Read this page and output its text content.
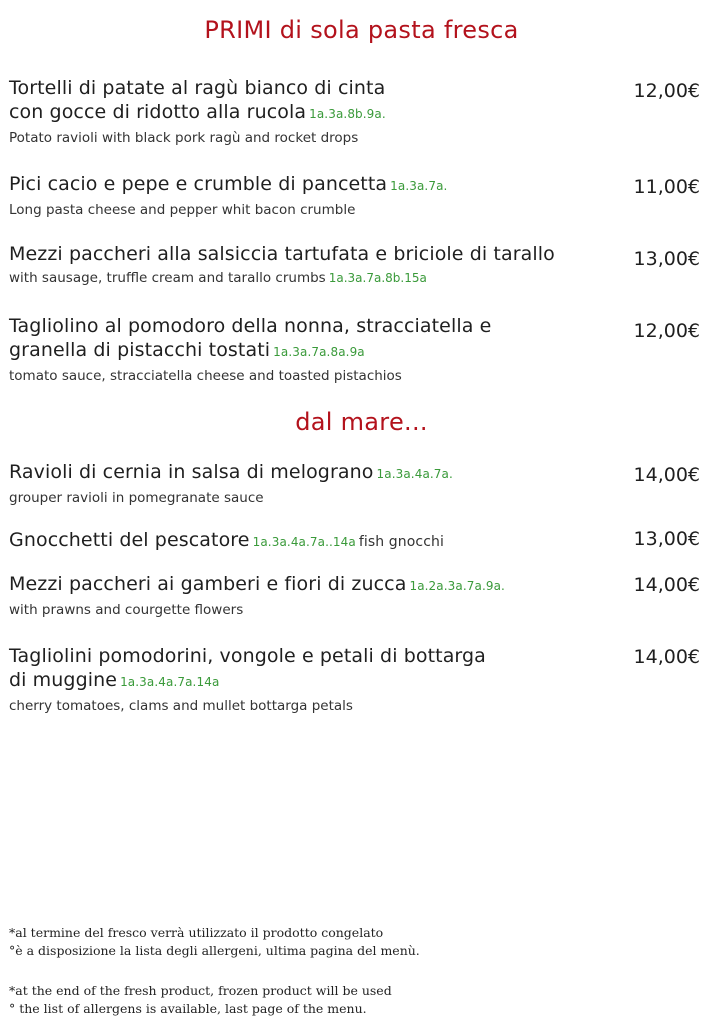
PRIMI di sola pasta fresca
Tortelli di patate al ragù bianco di cinta
con gocce di ridotto alla rucola 1a.3a.8b.9a.
Potato ravioli with black pork ragù and rocket drops
12,00€
Pici cacio e pepe e crumble di pancetta 1a.3a.7a.
Long pasta cheese and pepper whit bacon crumble
11,00€
Mezzi paccheri alla salsiccia tartufata e briciole di tarallo
with sausage, truffle cream and tarallo crumbs 1a.3a.7a.8b.15a
13,00€
Tagliolino al pomodoro della nonna, stracciatella e
granella di pistacchi tostati 1a.3a.7a.8a.9a
tomato sauce, stracciatella cheese and toasted pistachios
12,00€
dal mare...
Ravioli di cernia in salsa di melograno 1a.3a.4a.7a.
grouper ravioli in pomegranate sauce
14,00€
Gnocchetti del pescatore 1a.3a.4a.7a..14a fish gnocchi	13,00€
Mezzi paccheri ai gamberi e fiori di zucca 1a.2a.3a.7a.9a.
with prawns and courgette flowers
14,00€
Tagliolini pomodorini, vongole e petali di bottarga
di muggine 1a.3a.4a.7a.14a
cherry tomatoes, clams and mullet bottarga petals
14,00€
*al termine del fresco verrà utilizzato il prodotto congelato
°è a disposizione la lista degli allergeni, ultima pagina del menù.
*at the end of the fresh product, frozen product will be used
° the list of allergens is available, last page of the menu.
